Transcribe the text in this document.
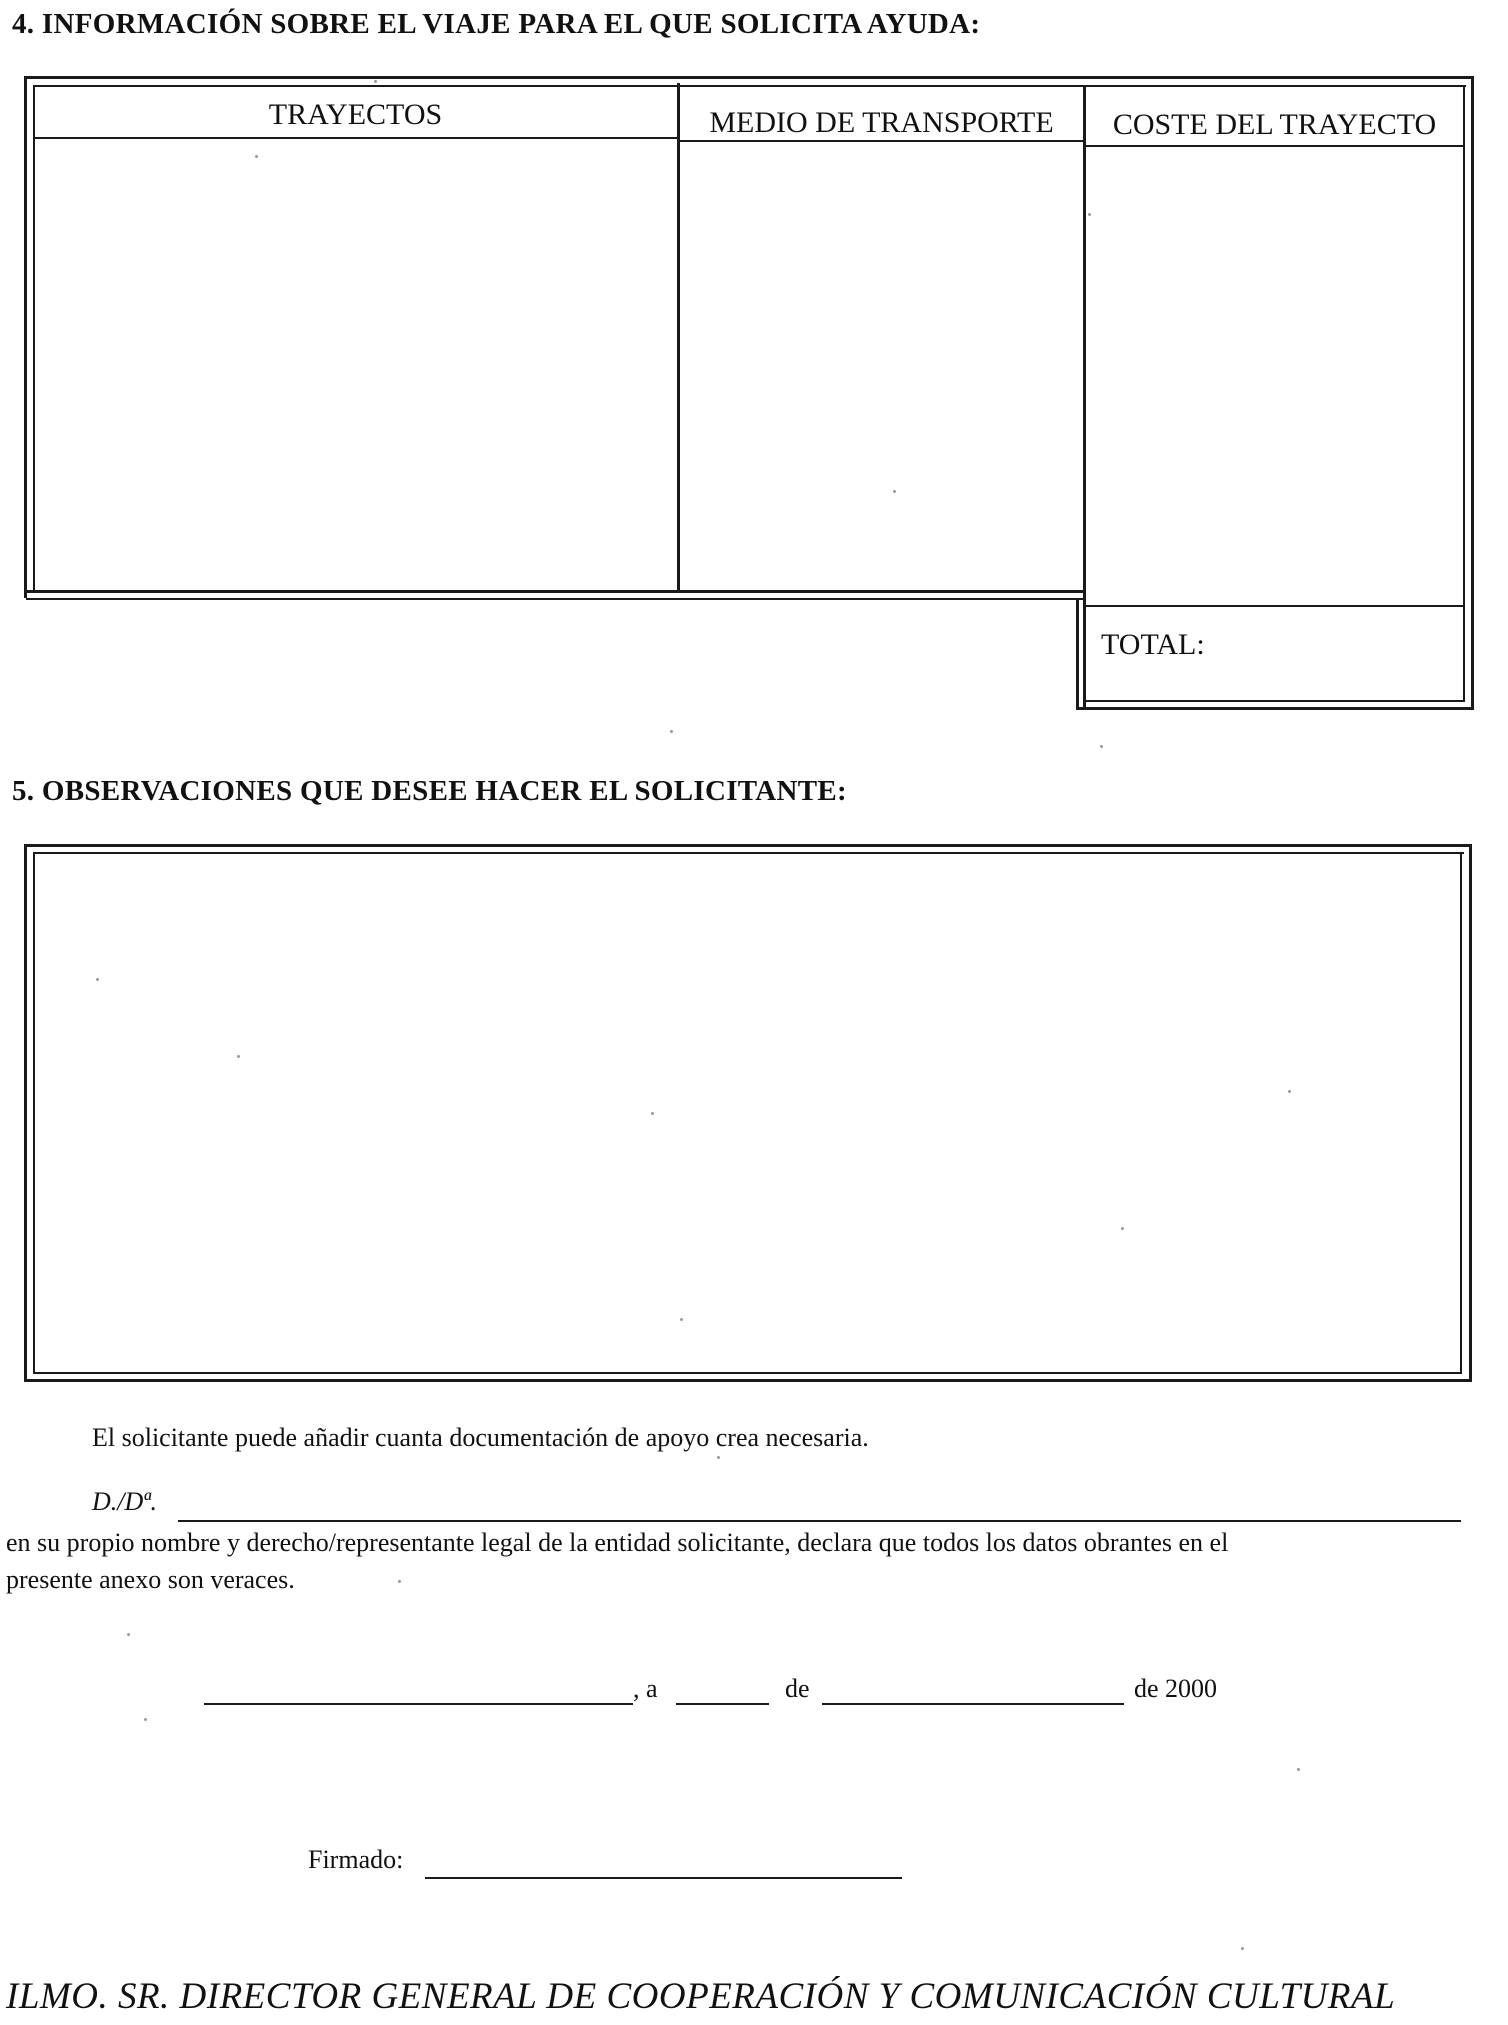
4. INFORMACIÓN SOBRE EL VIAJE PARA EL QUE SOLICITA AYUDA:
TRAYECTOS	MEDIO DE TRANSPORTE	COSTE DEL TRAYECTO
TOTAL:
5. OBSERVACIONES QUE DESEE HACER EL SOLICITANTE:
El solicitante puede añadir cuanta documentación de apoyo crea necesaria.
D./Dª.
en su propio nombre y derecho/representante legal de la entidad solicitante, declara que todos los datos obrantes en el
presente anexo son veraces.
, a	de	de 2000
Firmado:
ILMO. SR. DIRECTOR GENERAL DE COOPERACIÓN Y COMUNICACIÓN CULTURAL
